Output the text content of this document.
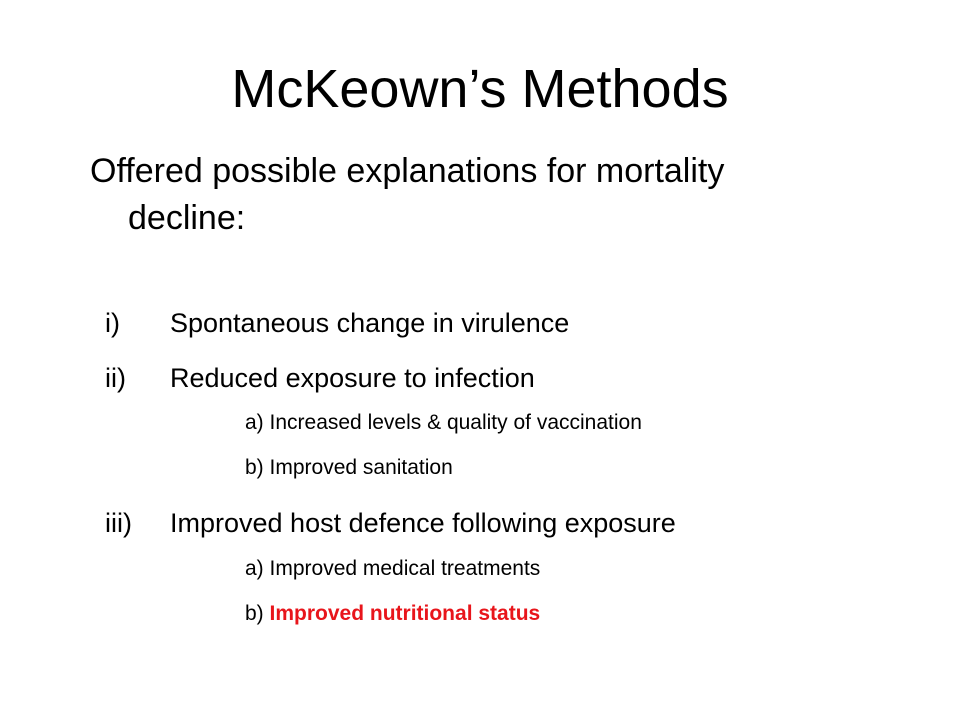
McKeown’s Methods
Offered possible explanations for mortality
decline:
i) Spontaneous change in virulence
ii) Reduced exposure to infection
a) Increased levels & quality of vaccination
b) Improved sanitation
iii) Improved host defence following exposure
a) Improved medical treatments
b) Improved nutritional status
